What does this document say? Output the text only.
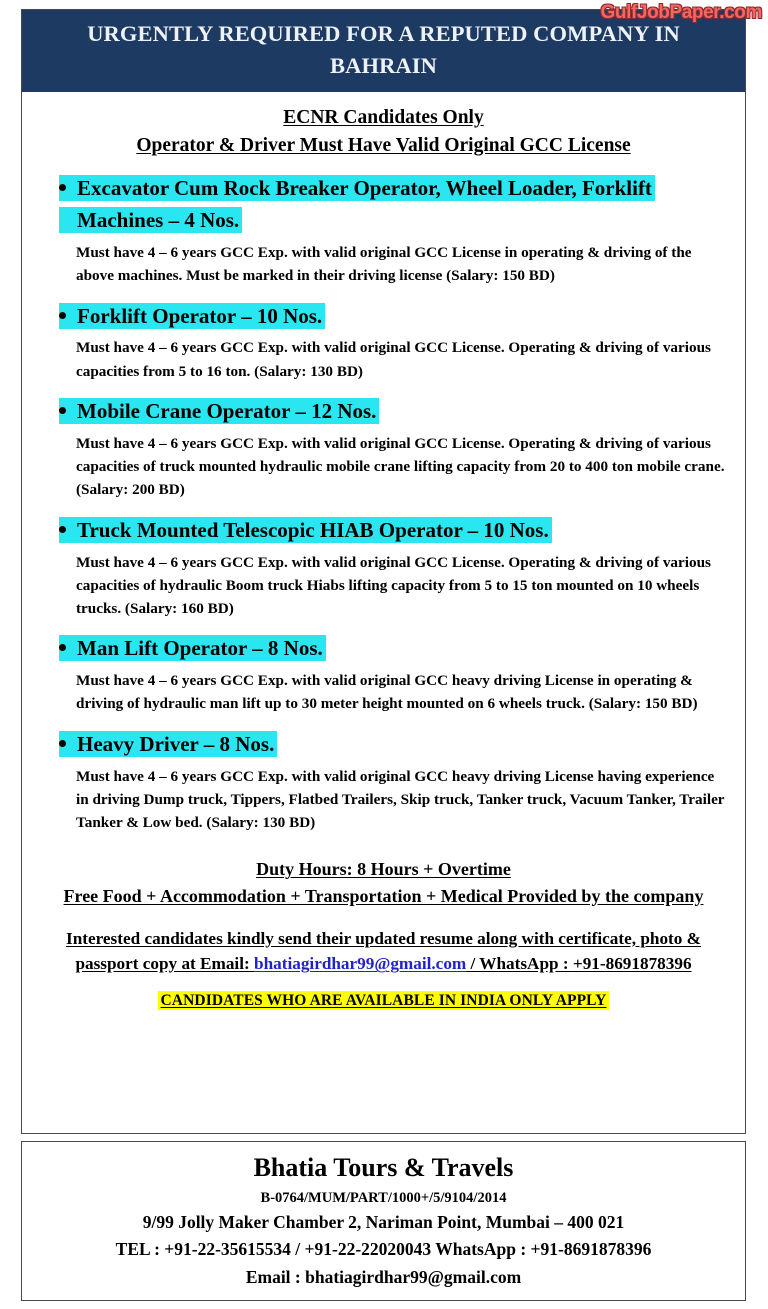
GulfJobPaper.com
URGENTLY REQUIRED FOR A REPUTED COMPANY IN BAHRAIN
ECNR Candidates Only
Operator & Driver Must Have Valid Original GCC License
Excavator Cum Rock Breaker Operator, Wheel Loader, Forklift Machines – 4 Nos.
Must have 4 – 6 years GCC Exp. with valid original GCC License in operating & driving of the above machines. Must be marked in their driving license (Salary: 150 BD)
Forklift Operator – 10 Nos.
Must have 4 – 6 years GCC Exp. with valid original GCC License. Operating & driving of various capacities from 5 to 16 ton. (Salary: 130 BD)
Mobile Crane Operator – 12 Nos.
Must have 4 – 6 years GCC Exp. with valid original GCC License. Operating & driving of various capacities of truck mounted hydraulic mobile crane lifting capacity from 20 to 400 ton mobile crane. (Salary: 200 BD)
Truck Mounted Telescopic HIAB Operator – 10 Nos.
Must have 4 – 6 years GCC Exp. with valid original GCC License. Operating & driving of various capacities of hydraulic Boom truck Hiabs lifting capacity from 5 to 15 ton mounted on 10 wheels trucks. (Salary: 160 BD)
Man Lift Operator – 8 Nos.
Must have 4 – 6 years GCC Exp. with valid original GCC heavy driving License in operating & driving of hydraulic man lift up to 30 meter height mounted on 6 wheels truck. (Salary: 150 BD)
Heavy Driver – 8 Nos.
Must have 4 – 6 years GCC Exp. with valid original GCC heavy driving License having experience in driving Dump truck, Tippers, Flatbed Trailers, Skip truck, Tanker truck, Vacuum Tanker, Trailer Tanker & Low bed. (Salary: 130 BD)
Duty Hours: 8 Hours + Overtime
Free Food + Accommodation + Transportation + Medical Provided by the company
Interested candidates kindly send their updated resume along with certificate, photo & passport copy at Email: bhatiagirdhar99@gmail.com / WhatsApp : +91-8691878396
CANDIDATES WHO ARE AVAILABLE IN INDIA ONLY APPLY
Bhatia Tours & Travels
B-0764/MUM/PART/1000+/5/9104/2014
9/99 Jolly Maker Chamber 2, Nariman Point, Mumbai – 400 021
TEL : +91-22-35615534 / +91-22-22020043 WhatsApp : +91-8691878396
Email : bhatiagirdhar99@gmail.com
